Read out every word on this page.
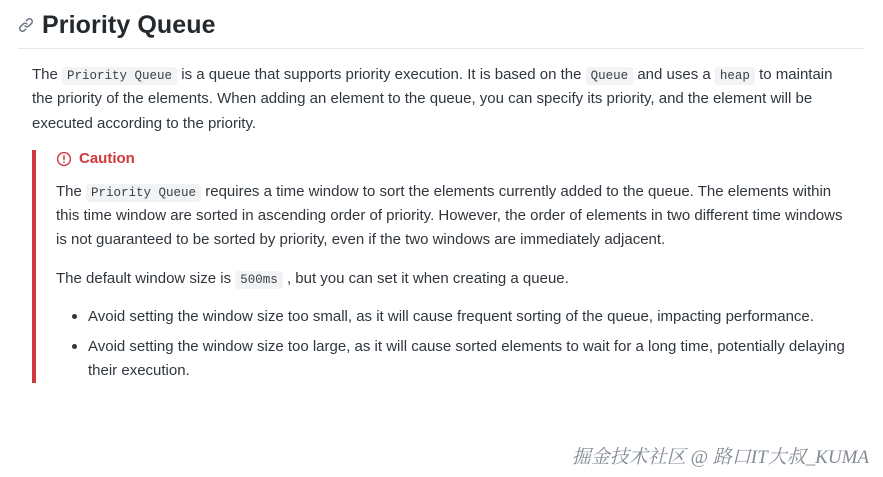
Priority Queue

The Priority Queue is a queue that supports priority execution. It is based on the Queue and uses a heap to maintain the priority of the elements. When adding an element to the queue, you can specify its priority, and the element will be executed according to the priority.

Caution

The Priority Queue requires a time window to sort the elements currently added to the queue. The elements within this time window are sorted in ascending order of priority. However, the order of elements in two different time windows is not guaranteed to be sorted by priority, even if the two windows are immediately adjacent.

The default window size is 500ms , but you can set it when creating a queue.

Avoid setting the window size too small, as it will cause frequent sorting of the queue, impacting performance.
Avoid setting the window size too large, as it will cause sorted elements to wait for a long time, potentially delaying their execution.
掘金技术社区 @ 路口IT大叔_KUMA
